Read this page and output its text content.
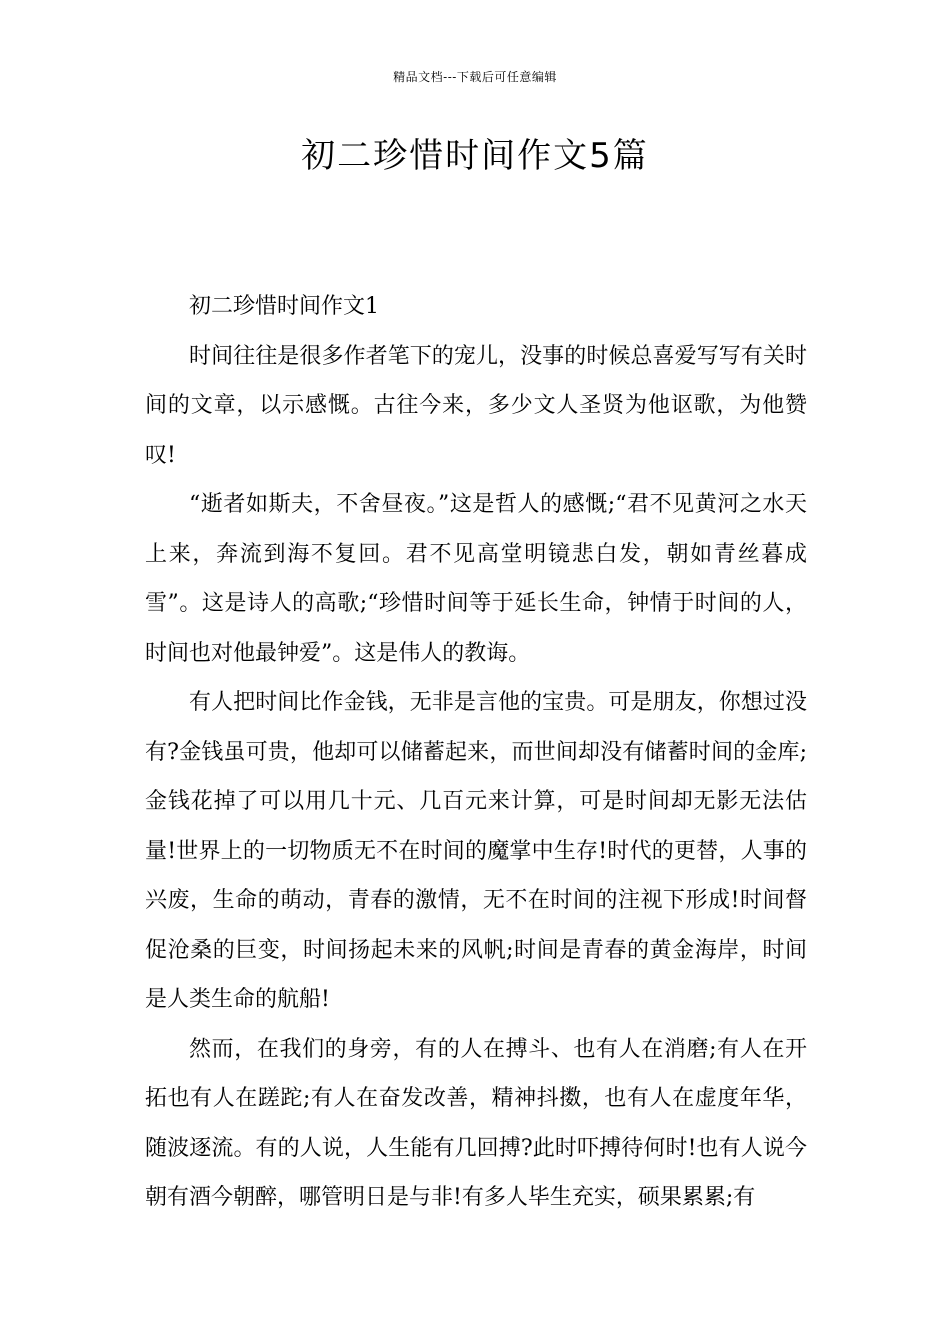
精品文档---下载后可任意编辑
初二珍惜时间作文5篇

初二珍惜时间作文1

时间往往是很多作者笔下的宠儿，没事的时候总喜爱写写有关时间的文章，以示感慨。古往今来，多少文人圣贤为他讴歌，为他赞叹!

“逝者如斯夫，不舍昼夜。”这是哲人的感慨;“君不见黄河之水天上来，奔流到海不复回。君不见高堂明镜悲白发，朝如青丝暮成雪”。这是诗人的高歌;“珍惜时间等于延长生命，钟情于时间的人，时间也对他最钟爱”。这是伟人的教诲。

有人把时间比作金钱，无非是言他的宝贵。可是朋友，你想过没有?金钱虽可贵，他却可以储蓄起来，而世间却没有储蓄时间的金库;金钱花掉了可以用几十元、几百元来计算，可是时间却无影无法估量!世界上的一切物质无不在时间的魔掌中生存!时代的更替，人事的兴废，生命的萌动，青春的激情，无不在时间的注视下形成!时间督促沧桑的巨变，时间扬起未来的风帆;时间是青春的黄金海岸，时间是人类生命的航船!

然而，在我们的身旁，有的人在搏斗、也有人在消磨;有人在开拓也有人在蹉跎;有人在奋发改善，精神抖擞，也有人在虚度年华，随波逐流。有的人说，人生能有几回搏?此时吓搏待何时!也有人说今朝有酒今朝醉，哪管明日是与非!有多人毕生充实，硕果累累;有
